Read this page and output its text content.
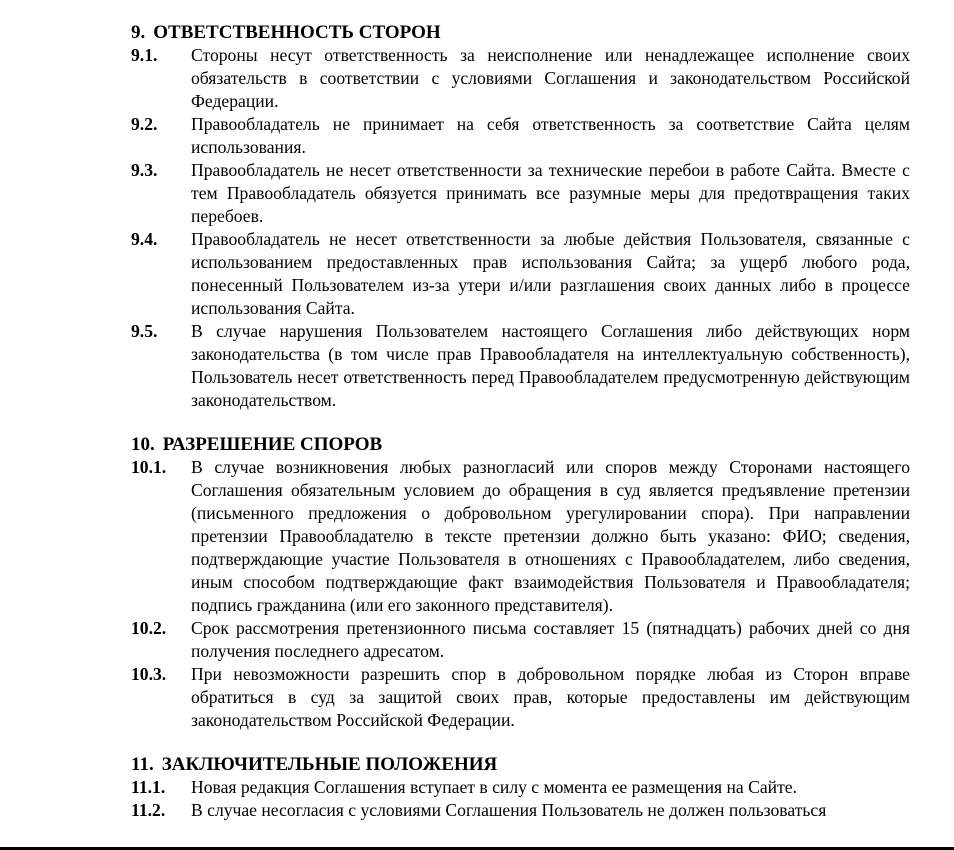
9. ОТВЕТСТВЕННОСТЬ СТОРОН
9.1.	Стороны несут ответственность за неисполнение или ненадлежащее исполнение своих обязательств в соответствии с условиями Соглашения и законодательством Российской Федерации.
9.2.	Правообладатель не принимает на себя ответственность за соответствие Сайта целям использования.
9.3.	Правообладатель не несет ответственности за технические перебои в работе Сайта. Вместе с тем Правообладатель обязуется принимать все разумные меры для предотвращения таких перебоев.
9.4.	Правообладатель не несет ответственности за любые действия Пользователя, связанные с использованием предоставленных прав использования Сайта; за ущерб любого рода, понесенный Пользователем из-за утери и/или разглашения своих данных либо в процессе использования Сайта.
9.5.	В случае нарушения Пользователем настоящего Соглашения либо действующих норм законодательства (в том числе прав Правообладателя на интеллектуальную собственность), Пользователь несет ответственность перед Правообладателем предусмотренную действующим законодательством.
10. РАЗРЕШЕНИЕ СПОРОВ
10.1.	В случае возникновения любых разногласий или споров между Сторонами настоящего Соглашения обязательным условием до обращения в суд является предъявление претензии (письменного предложения о добровольном урегулировании спора). При направлении претензии Правообладателю в тексте претензии должно быть указано: ФИО; сведения, подтверждающие участие Пользователя в отношениях с Правообладателем, либо сведения, иным способом подтверждающие факт взаимодействия Пользователя и Правообладателя; подпись гражданина (или его законного представителя).
10.2.	Срок рассмотрения претензионного письма составляет 15 (пятнадцать) рабочих дней со дня получения последнего адресатом.
10.3.	При невозможности разрешить спор в добровольном порядке любая из Сторон вправе обратиться в суд за защитой своих прав, которые предоставлены им действующим законодательством Российской Федерации.
11. ЗАКЛЮЧИТЕЛЬНЫЕ ПОЛОЖЕНИЯ
11.1.	Новая редакция Соглашения вступает в силу с момента ее размещения на Сайте.
11.2.	В случае несогласия с условиями Соглашения Пользователь не должен пользоваться
